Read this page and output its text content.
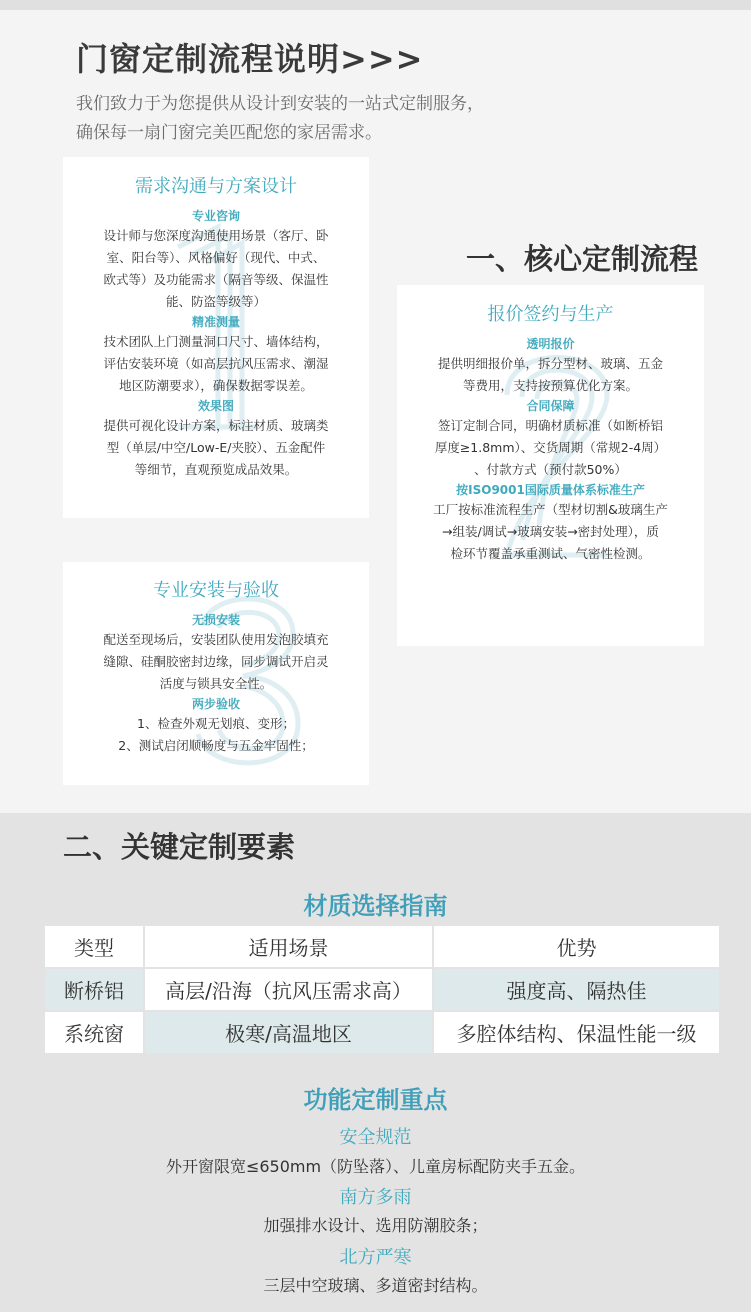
门窗定制流程说明>>>
我们致力于为您提供从设计到安装的一站式定制服务，
确保每一扇门窗完美匹配您的家居需求。
一、核心定制流程
需求沟通与方案设计
专业咨询
设计师与您深度沟通使用场景（客厅、卧
室、阳台等）、风格偏好（现代、中式、
欧式等）及功能需求（隔音等级、保温性
能、防盗等级等）
精准测量
技术团队上门测量洞口尺寸、墙体结构，
评估安装环境（如高层抗风压需求、潮湿
地区防潮要求），确保数据零误差。
效果图
提供可视化设计方案，标注材质、玻璃类
型（单层/中空/Low-E/夹胶）、五金配件
等细节，直观预览成品效果。
报价签约与生产
透明报价
提供明细报价单，拆分型材、玻璃、五金
等费用，支持按预算优化方案。
合同保障
签订定制合同，明确材质标准（如断桥铝
厚度≥1.8mm）、交货周期（常规2-4周）
、付款方式（预付款50%）
按ISO9001国际质量体系标准生产
工厂按标准流程生产（型材切割&玻璃生产
→组装/调试→玻璃安装→密封处理），质
检环节覆盖承重测试、气密性检测。
专业安装与验收
无损安装
配送至现场后，安装团队使用发泡胶填充
缝隙、硅酮胶密封边缘，同步调试开启灵
活度与锁具安全性。
两步验收
1、检查外观无划痕、变形；
2、测试启闭顺畅度与五金牢固性；
二、关键定制要素
材质选择指南
类型	适用场景	优势
断桥铝	高层/沿海（抗风压需求高）	强度高、隔热佳
系统窗	极寒/高温地区	多腔体结构、保温性能一级
功能定制重点
安全规范
外开窗限宽≤650mm（防坠落）、儿童房标配防夹手五金。
南方多雨
加强排水设计、选用防潮胶条；
北方严寒
三层中空玻璃、多道密封结构。
